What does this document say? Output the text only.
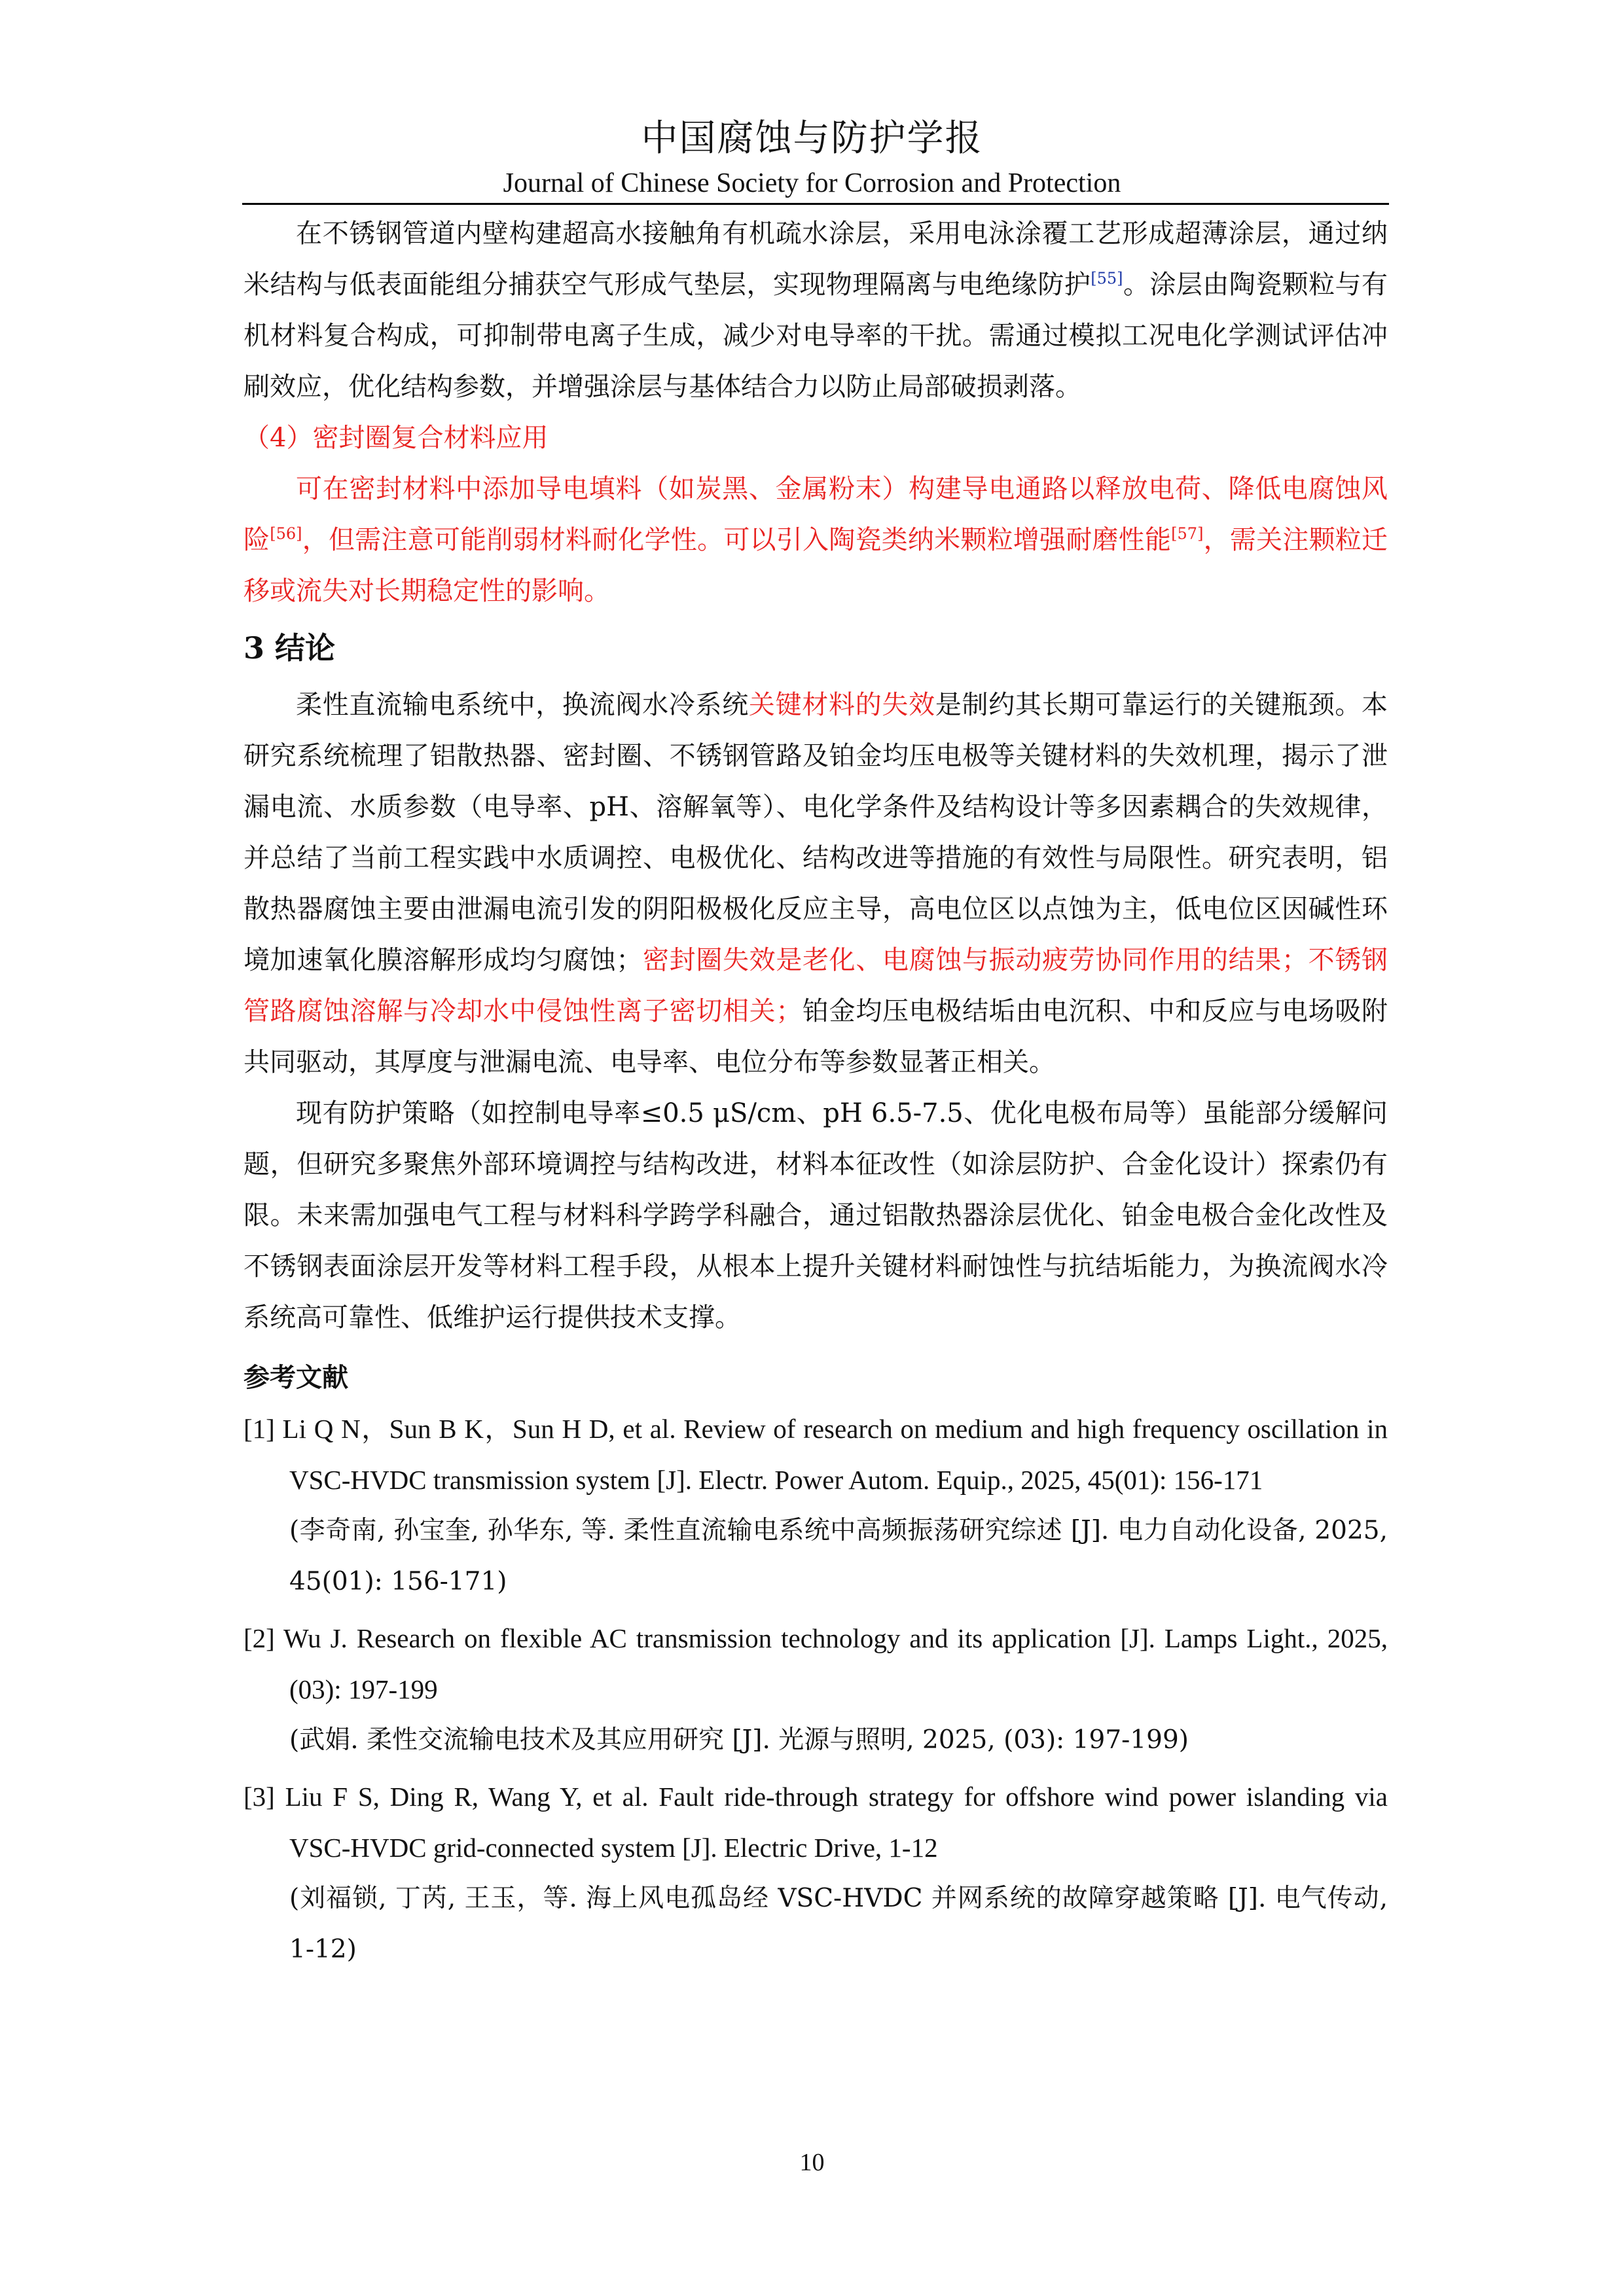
中国腐蚀与防护学报
Journal of Chinese Society for Corrosion and Protection

在不锈钢管道内壁构建超高水接触角有机疏水涂层，采用电泳涂覆工艺形成超薄涂层，通过纳米结构与低表面能组分捕获空气形成气垫层，实现物理隔离与电绝缘防护[55]。涂层由陶瓷颗粒与有机材料复合构成，可抑制带电离子生成，减少对电导率的干扰。需通过模拟工况电化学测试评估冲刷效应，优化结构参数，并增强涂层与基体结合力以防止局部破损剥落。

（4）密封圈复合材料应用

可在密封材料中添加导电填料（如炭黑、金属粉末）构建导电通路以释放电荷、降低电腐蚀风险[56]，但需注意可能削弱材料耐化学性。可以引入陶瓷类纳米颗粒增强耐磨性能[57]，需关注颗粒迁移或流失对长期稳定性的影响。

3 结论

柔性直流输电系统中，换流阀水冷系统关键材料的失效是制约其长期可靠运行的关键瓶颈。本研究系统梳理了铝散热器、密封圈、不锈钢管路及铂金均压电极等关键材料的失效机理，揭示了泄漏电流、水质参数（电导率、pH、溶解氧等）、电化学条件及结构设计等多因素耦合的失效规律，并总结了当前工程实践中水质调控、电极优化、结构改进等措施的有效性与局限性。研究表明，铝散热器腐蚀主要由泄漏电流引发的阴阳极极化反应主导，高电位区以点蚀为主，低电位区因碱性环境加速氧化膜溶解形成均匀腐蚀；密封圈失效是老化、电腐蚀与振动疲劳协同作用的结果；不锈钢管路腐蚀溶解与冷却水中侵蚀性离子密切相关；铂金均压电极结垢由电沉积、中和反应与电场吸附共同驱动，其厚度与泄漏电流、电导率、电位分布等参数显著正相关。

现有防护策略（如控制电导率≤0.5 μS/cm、pH 6.5-7.5、优化电极布局等）虽能部分缓解问题，但研究多聚焦外部环境调控与结构改进，材料本征改性（如涂层防护、合金化设计）探索仍有限。未来需加强电气工程与材料科学跨学科融合，通过铝散热器涂层优化、铂金电极合金化改性及不锈钢表面涂层开发等材料工程手段，从根本上提升关键材料耐蚀性与抗结垢能力，为换流阀水冷系统高可靠性、低维护运行提供技术支撑。

参考文献

[1] Li Q N，Sun B K，Sun H D, et al. Review of research on medium and high frequency oscillation in VSC-HVDC transmission system [J]. Electr. Power Autom. Equip., 2025, 45(01): 156-171
(李奇南, 孙宝奎, 孙华东, 等. 柔性直流输电系统中高频振荡研究综述 [J]. 电力自动化设备, 2025, 45(01): 156-171)
[2] Wu J. Research on flexible AC transmission technology and its application [J]. Lamps Light., 2025, (03): 197-199
(武娟. 柔性交流输电技术及其应用研究 [J]. 光源与照明, 2025, (03): 197-199)
[3] Liu F S, Ding R, Wang Y, et al. Fault ride-through strategy for offshore wind power islanding via VSC-HVDC grid-connected system [J]. Electric Drive, 1-12
(刘福锁, 丁芮, 王玉，等. 海上风电孤岛经 VSC-HVDC 并网系统的故障穿越策略 [J]. 电气传动, 1-12)
10
